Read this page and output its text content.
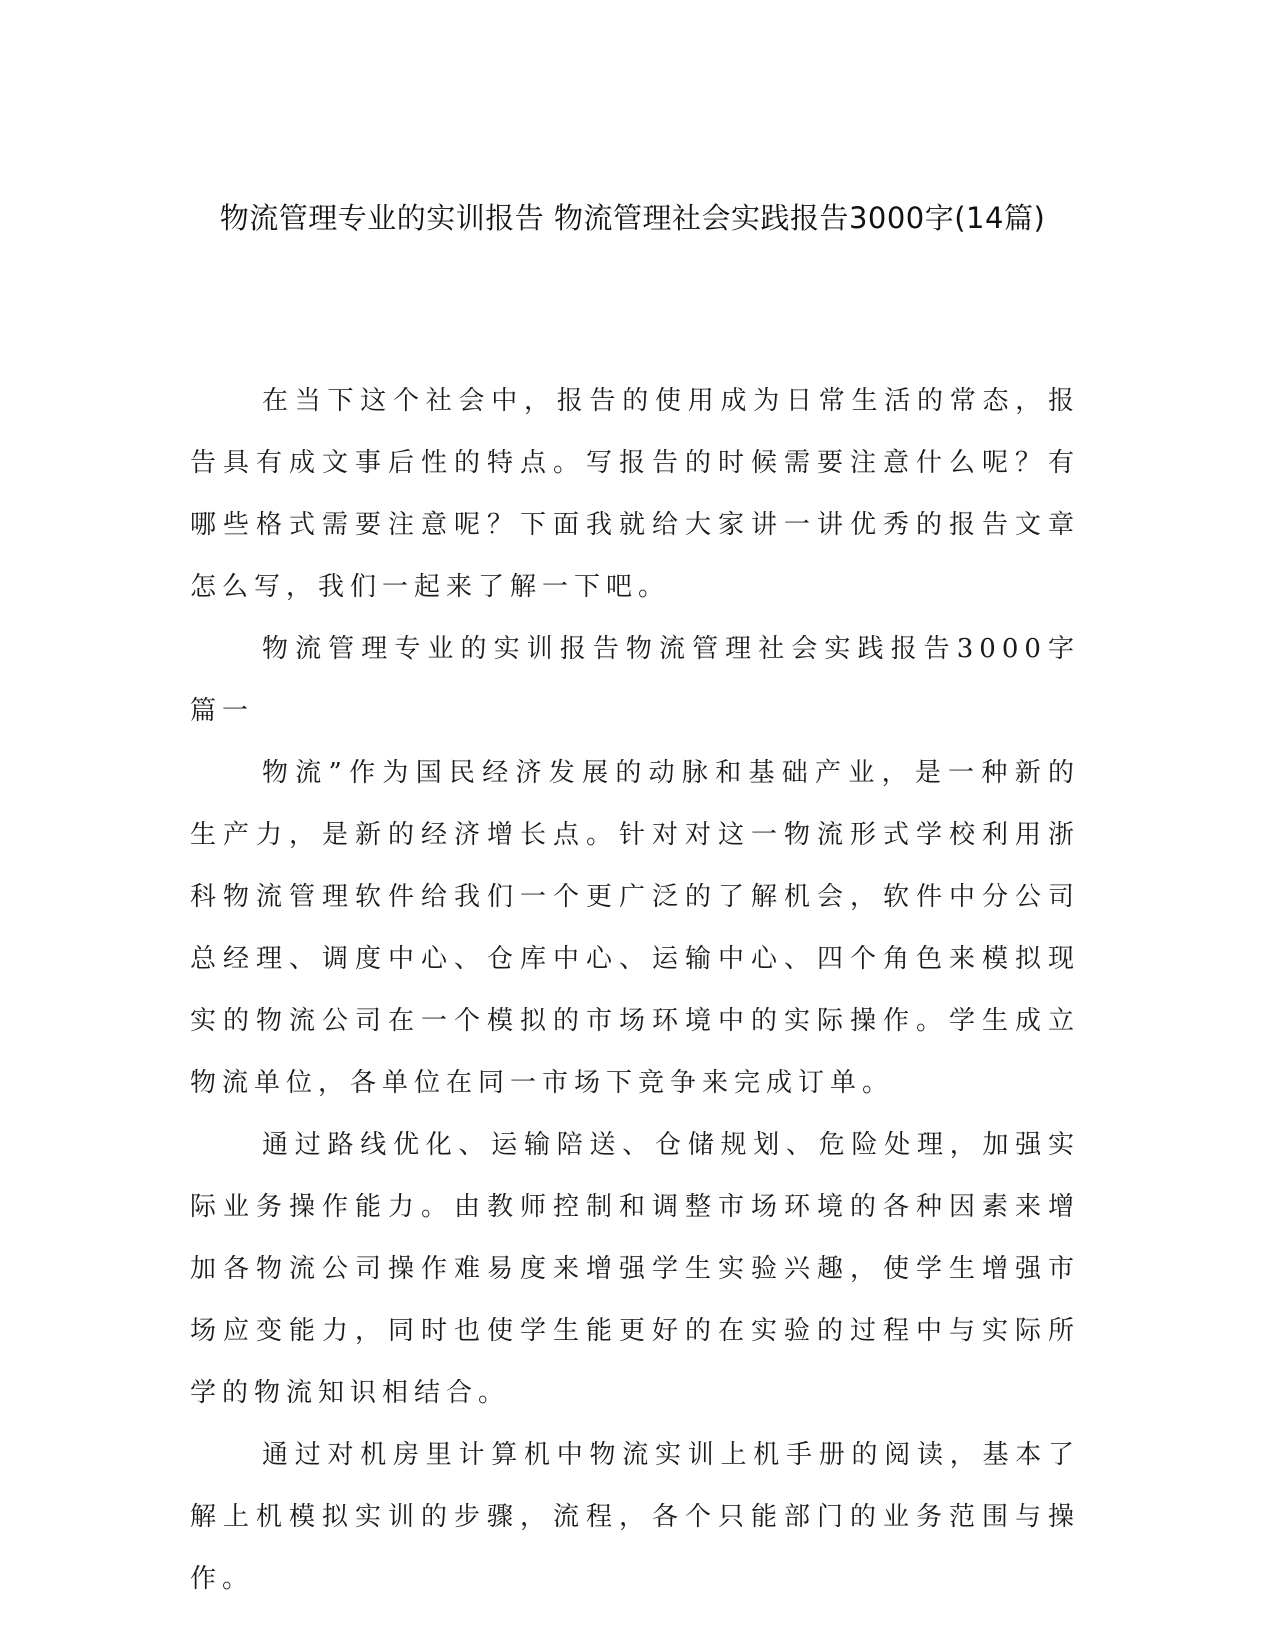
物流管理专业的实训报告 物流管理社会实践报告3000字(14篇)

在当下这个社会中，报告的使用成为日常生活的常态，报告具有成文事后性的特点。写报告的时候需要注意什么呢？有哪些格式需要注意呢？下面我就给大家讲一讲优秀的报告文章怎么写，我们一起来了解一下吧。

物流管理专业的实训报告物流管理社会实践报告3000字篇一

物流”作为国民经济发展的动脉和基础产业，是一种新的生产力，是新的经济增长点。针对对这一物流形式学校利用浙科物流管理软件给我们一个更广泛的了解机会，软件中分公司总经理、调度中心、仓库中心、运输中心、四个角色来模拟现实的物流公司在一个模拟的市场环境中的实际操作。学生成立物流单位，各单位在同一市场下竞争来完成订单。

通过路线优化、运输陪送、仓储规划、危险处理，加强实际业务操作能力。由教师控制和调整市场环境的各种因素来增加各物流公司操作难易度来增强学生实验兴趣，使学生增强市场应变能力，同时也使学生能更好的在实验的过程中与实际所学的物流知识相结合。

通过对机房里计算机中物流实训上机手册的阅读，基本了解上机模拟实训的步骤，流程，各个只能部门的业务范围与操作。
